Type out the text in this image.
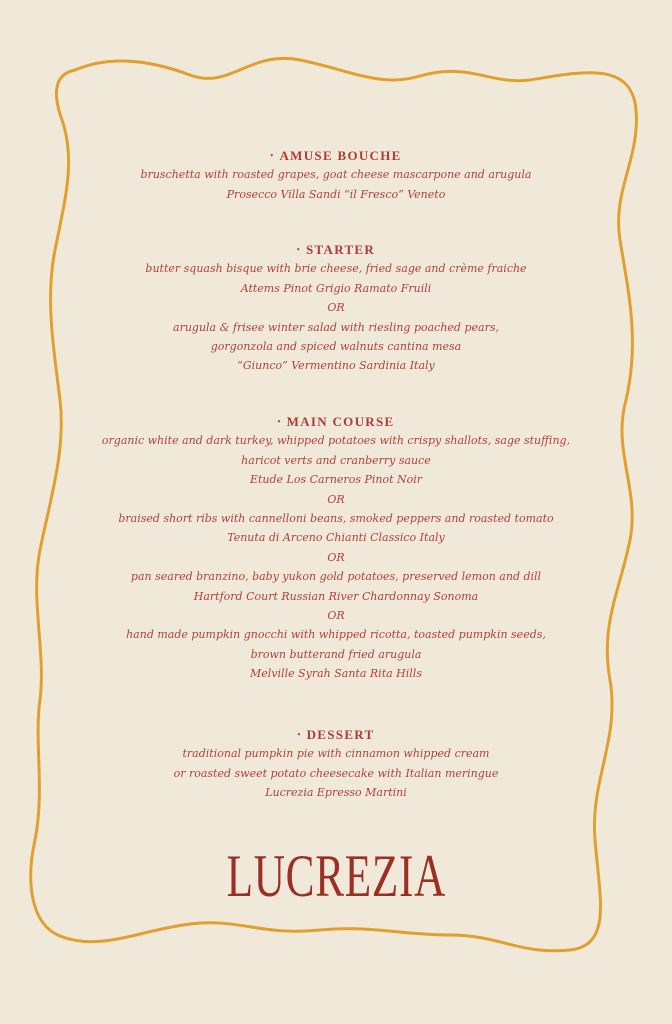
• AMUSE BOUCHE
bruschetta with roasted grapes, goat cheese mascarpone and arugula
Prosecco Villa Sandi “il Fresco” Veneto
• STARTER
butter squash bisque with brie cheese, fried sage and crème fraiche
Attems Pinot Grigio Ramato Fruili
OR
arugula & frisee winter salad with riesling poached pears,
gorgonzola and spiced walnuts cantina mesa
“Giunco” Vermentino Sardinia Italy
• MAIN COURSE
organic white and dark turkey, whipped potatoes with crispy shallots, sage stuffing,
haricot verts and cranberry sauce
Etude Los Carneros Pinot Noir
OR
braised short ribs with cannelloni beans, smoked peppers and roasted tomato
Tenuta di Arceno Chianti Classico Italy
OR
pan seared branzino, baby yukon gold potatoes, preserved lemon and dill
Hartford Court Russian River Chardonnay Sonoma
OR
hand made pumpkin gnocchi with whipped ricotta, toasted pumpkin seeds,
brown butterand fried arugula
Melville Syrah Santa Rita Hills
• DESSERT
traditional pumpkin pie with cinnamon whipped cream
or roasted sweet potato cheesecake with Italian meringue
Lucrezia Epresso Martini
LUCREZIA
